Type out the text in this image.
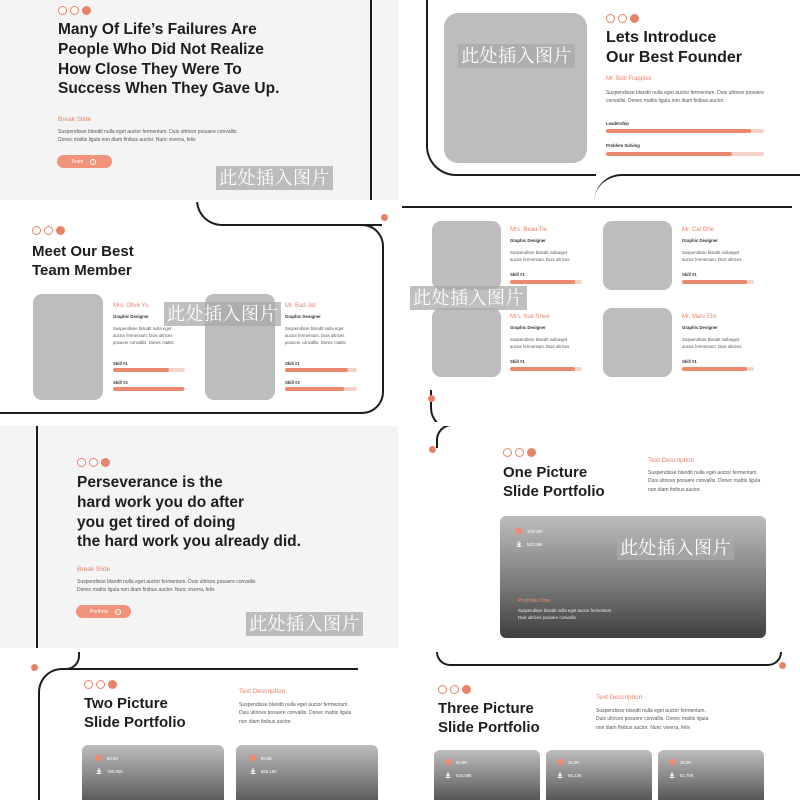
Many Of Life’s Failures Are
People Who Did Not Realize
How Close They Were To
Success When They Gave Up.
Break Slide
Suspendisse blandit nulla eget auctor fermentum. Duis ultrices posuere convallis.
Donec mattis ligula non diam finibus auctor. Nunc viverra, felis
Team	›
此处插入图片
此处插入图片
Lets Introduce
Our Best Founder
Mr. Bob Frapples
Suspendisse blandit nulla eget auctor fermentum. Duis ultrices posuere
convallis. Donec mattis ligula non diam finibus auctor.
Leadership
Problem Solving
Meet Our Best
Team Member
Mrs. Olive Yu
Graphic Designer
Suspendisse blandit nulla eget
auctor fermentum. Duis ultrices
posuere convallis. Donec mattis
Skill #1
Skill #2
Mr. Bad Jet
Graphic Designer
Suspendisse blandit nulla eget
auctor fermentum. Duis ultrices
posuere convallis. Donec mattis
Skill #1
Skill #2
此处插入图片
Mrs. Beau Tie
Graphic Designer
Suspendisse blandit nullaeget
auctor fermentum. Duis ultrices
Skill #1
Mr. Cal Orie
Graphic Designer
Suspendisse blandit nullaeget
auctor fermentum. Duis ultrices
Skill #1
Mrs. Sue Shee
Graphic Designer
Suspendisse blandit nullaeget
auctor fermentum. Duis ultrices
Skill #1
Mr. Marv Elis
Graphic Designer
Suspendisse blandit nullaeget
auctor fermentum. Duis ultrices
Skill #1
此处插入图片
Perseverance is the
hard work you do after
you get tired of doing
the hard work you already did.
Break Slide
Suspendisse blandit nulla eget auctor fermentum. Duis ultrices posuere convallis.
Donec mattis ligula non diam finibus auctor. Nunc viverra, felis
Portfolio	›
此处插入图片
One Picture
Slide Portfolio
Text Description
Suspendisse blandit nulla eget auctor fermentum.
Duis ultrices posuere convallis. Donec mattis ligula
non diam finibus auctor.
100,50K
520,58K
Portfolio One
Suspendisse blandit nulla eget auctor fermentum.
Duis ultrices posuere convallis.
此处插入图片
Two Picture
Slide Portfolio
Text Description
Suspendisse blandit nulla eget auctor fermentum.
Duis ultrices posuere convallis. Donec mattis ligula
non diam finibus auctor.
50,5K
780,85K
80,8K
855,15K
Three Picture
Slide Portfolio
Text Description
Suspendisse blandit nulla eget auctor fermentum.
Duis ultrices posuere convallis. Donec mattis ligula
non diam finibus auctor. Nunc viverra, felis
50,5K
520,58K
25,8K
85,23K
28,5K
52,75K
